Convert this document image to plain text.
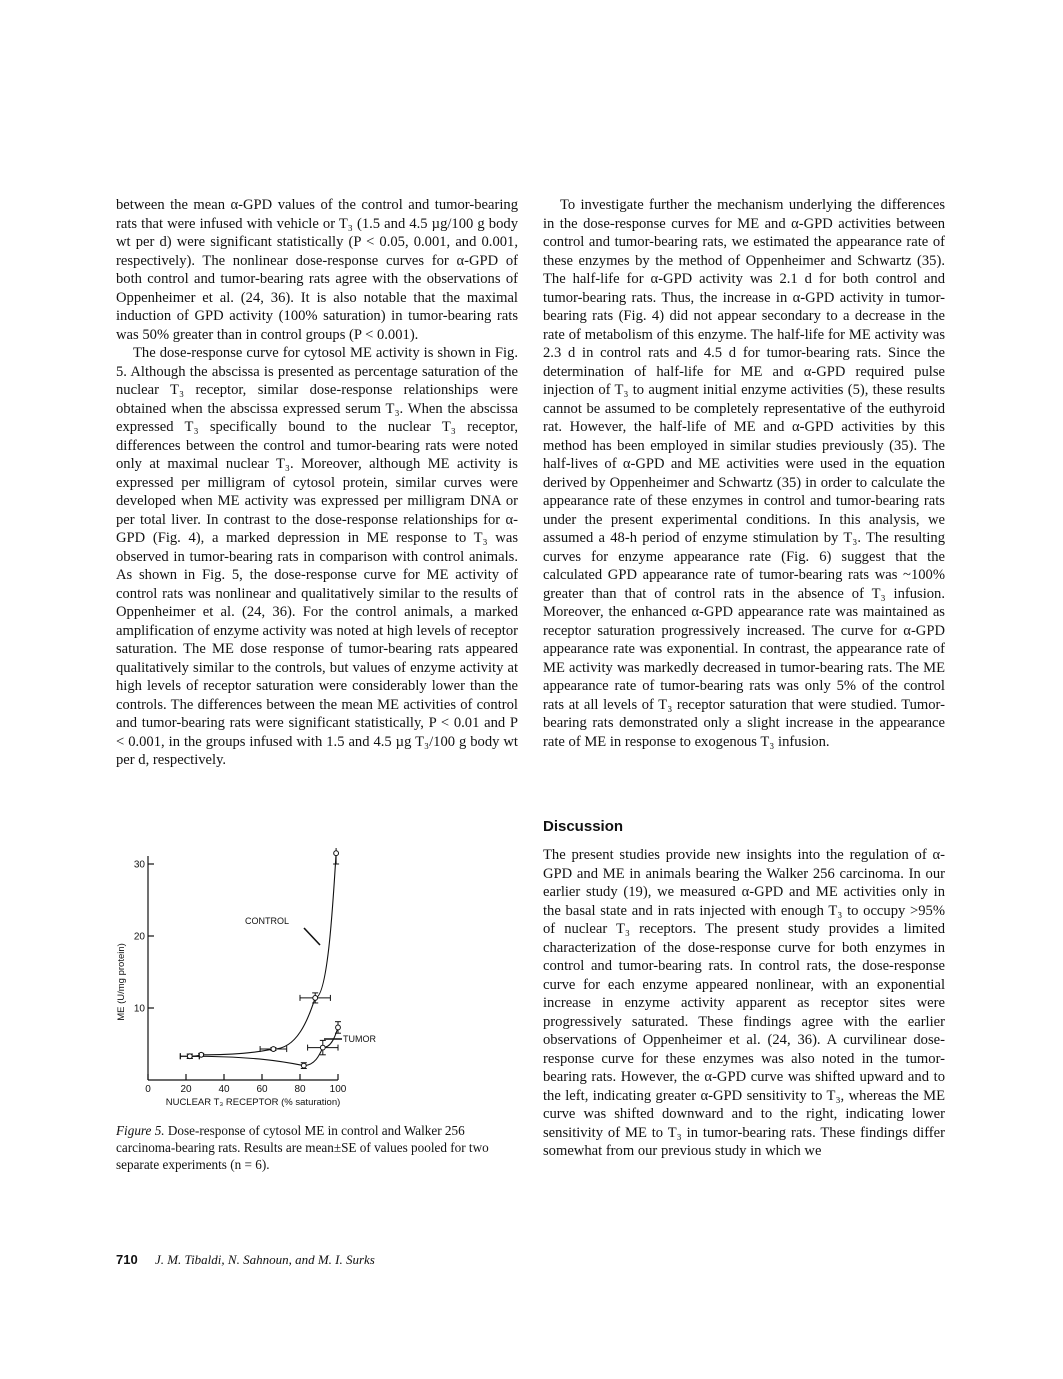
between the mean α-GPD values of the control and tumor-bearing rats that were infused with vehicle or T₃ (1.5 and 4.5 µg/100 g body wt per d) were significant statistically (P < 0.05, 0.001, and 0.001, respectively). The nonlinear dose-response curves for α-GPD of both control and tumor-bearing rats agree with the observations of Oppenheimer et al. (24, 36). It is also notable that the maximal induction of GPD activity (100% saturation) in tumor-bearing rats was 50% greater than in control groups (P < 0.001).

The dose-response curve for cytosol ME activity is shown in Fig. 5. Although the abscissa is presented as percentage saturation of the nuclear T₃ receptor, similar dose-response relationships were obtained when the abscissa expressed serum T₃. When the abscissa expressed T₃ specifically bound to the nuclear T₃ receptor, differences between the control and tumor-bearing rats were noted only at maximal nuclear T₃. Moreover, although ME activity is expressed per milligram of cytosol protein, similar curves were developed when ME activity was expressed per milligram DNA or per total liver. In contrast to the dose-response relationships for α-GPD (Fig. 4), a marked depression in ME response to T₃ was observed in tumor-bearing rats in comparison with control animals. As shown in Fig. 5, the dose-response curve for ME activity of control rats was nonlinear and qualitatively similar to the results of Oppenheimer et al. (24, 36). For the control animals, a marked amplification of enzyme activity was noted at high levels of receptor saturation. The ME dose response of tumor-bearing rats appeared qualitatively similar to the controls, but values of enzyme activity at high levels of receptor saturation were considerably lower than the controls. The differences between the mean ME activities of control and tumor-bearing rats were significant statistically, P < 0.01 and P < 0.001, in the groups infused with 1.5 and 4.5 µg T₃/100 g body wt per d, respectively.

To investigate further the mechanism underlying the differences in the dose-response curves for ME and α-GPD activities between control and tumor-bearing rats, we estimated the appearance rate of these enzymes by the method of Oppenheimer and Schwartz (35). The half-life for α-GPD activity was 2.1 d for both control and tumor-bearing rats. Thus, the increase in α-GPD activity in tumor-bearing rats (Fig. 4) did not appear secondary to a decrease in the rate of metabolism of this enzyme. The half-life for ME activity was 2.3 d in control rats and 4.5 d for tumor-bearing rats. Since the determination of half-life for ME and α-GPD required pulse injection of T₃ to augment initial enzyme activities (5), these results cannot be assumed to be completely representative of the euthyroid rat. However, the half-life of ME and α-GPD activities by this method has been employed in similar studies previously (35). The half-lives of α-GPD and ME activities were used in the equation derived by Oppenheimer and Schwartz (35) in order to calculate the appearance rate of these enzymes in control and tumor-bearing rats under the present experimental conditions. In this analysis, we assumed a 48-h period of enzyme stimulation by T₃. The resulting curves for enzyme appearance rate (Fig. 6) suggest that the calculated GPD appearance rate of tumor-bearing rats was ~100% greater than that of control rats in the absence of T₃ infusion. Moreover, the enhanced α-GPD appearance rate was maintained as receptor saturation progressively increased. The curve for α-GPD appearance rate was exponential. In contrast, the appearance rate of ME activity was markedly decreased in tumor-bearing rats. The ME appearance rate of tumor-bearing rats was only 5% of the control rats at all levels of T₃ receptor saturation that were studied. Tumor-bearing rats demonstrated only a slight increase in the appearance rate of ME in response to exogenous T₃ infusion.

Discussion

The present studies provide new insights into the regulation of α-GPD and ME in animals bearing the Walker 256 carcinoma. In our earlier study (19), we measured α-GPD and ME activities only in the basal state and in rats injected with enough T₃ to occupy >95% of nuclear T₃ receptors. The present study provides a limited characterization of the dose-response curve for both enzymes in control and tumor-bearing rats. In control rats, the dose-response curve for each enzyme appeared nonlinear, with an exponential increase in enzyme activity apparent as receptor sites were progressively saturated. These findings agree with the earlier observations of Oppenheimer et al. (24, 36). A curvilinear dose-response curve for these enzymes was also noted in the tumor-bearing rats. However, the α-GPD curve was shifted upward and to the left, indicating greater α-GPD sensitivity to T₃, whereas the ME curve was shifted downward and to the right, indicating lower sensitivity of ME to T₃ in tumor-bearing rats. These findings differ somewhat from our previous study in which we

0	20	40	60	80 100
10
20
30
NUCLEAR T₃ RECEPTOR (% saturation)
ME (U/mg protein)
CONTROL
TUMOR

Figure 5. Dose-response of cytosol ME in control and Walker 256 carcinoma-bearing rats. Results are mean±SE of values pooled for two separate experiments (n = 6).

710 J. M. Tibaldi, N. Sahnoun, and M. I. Surks
